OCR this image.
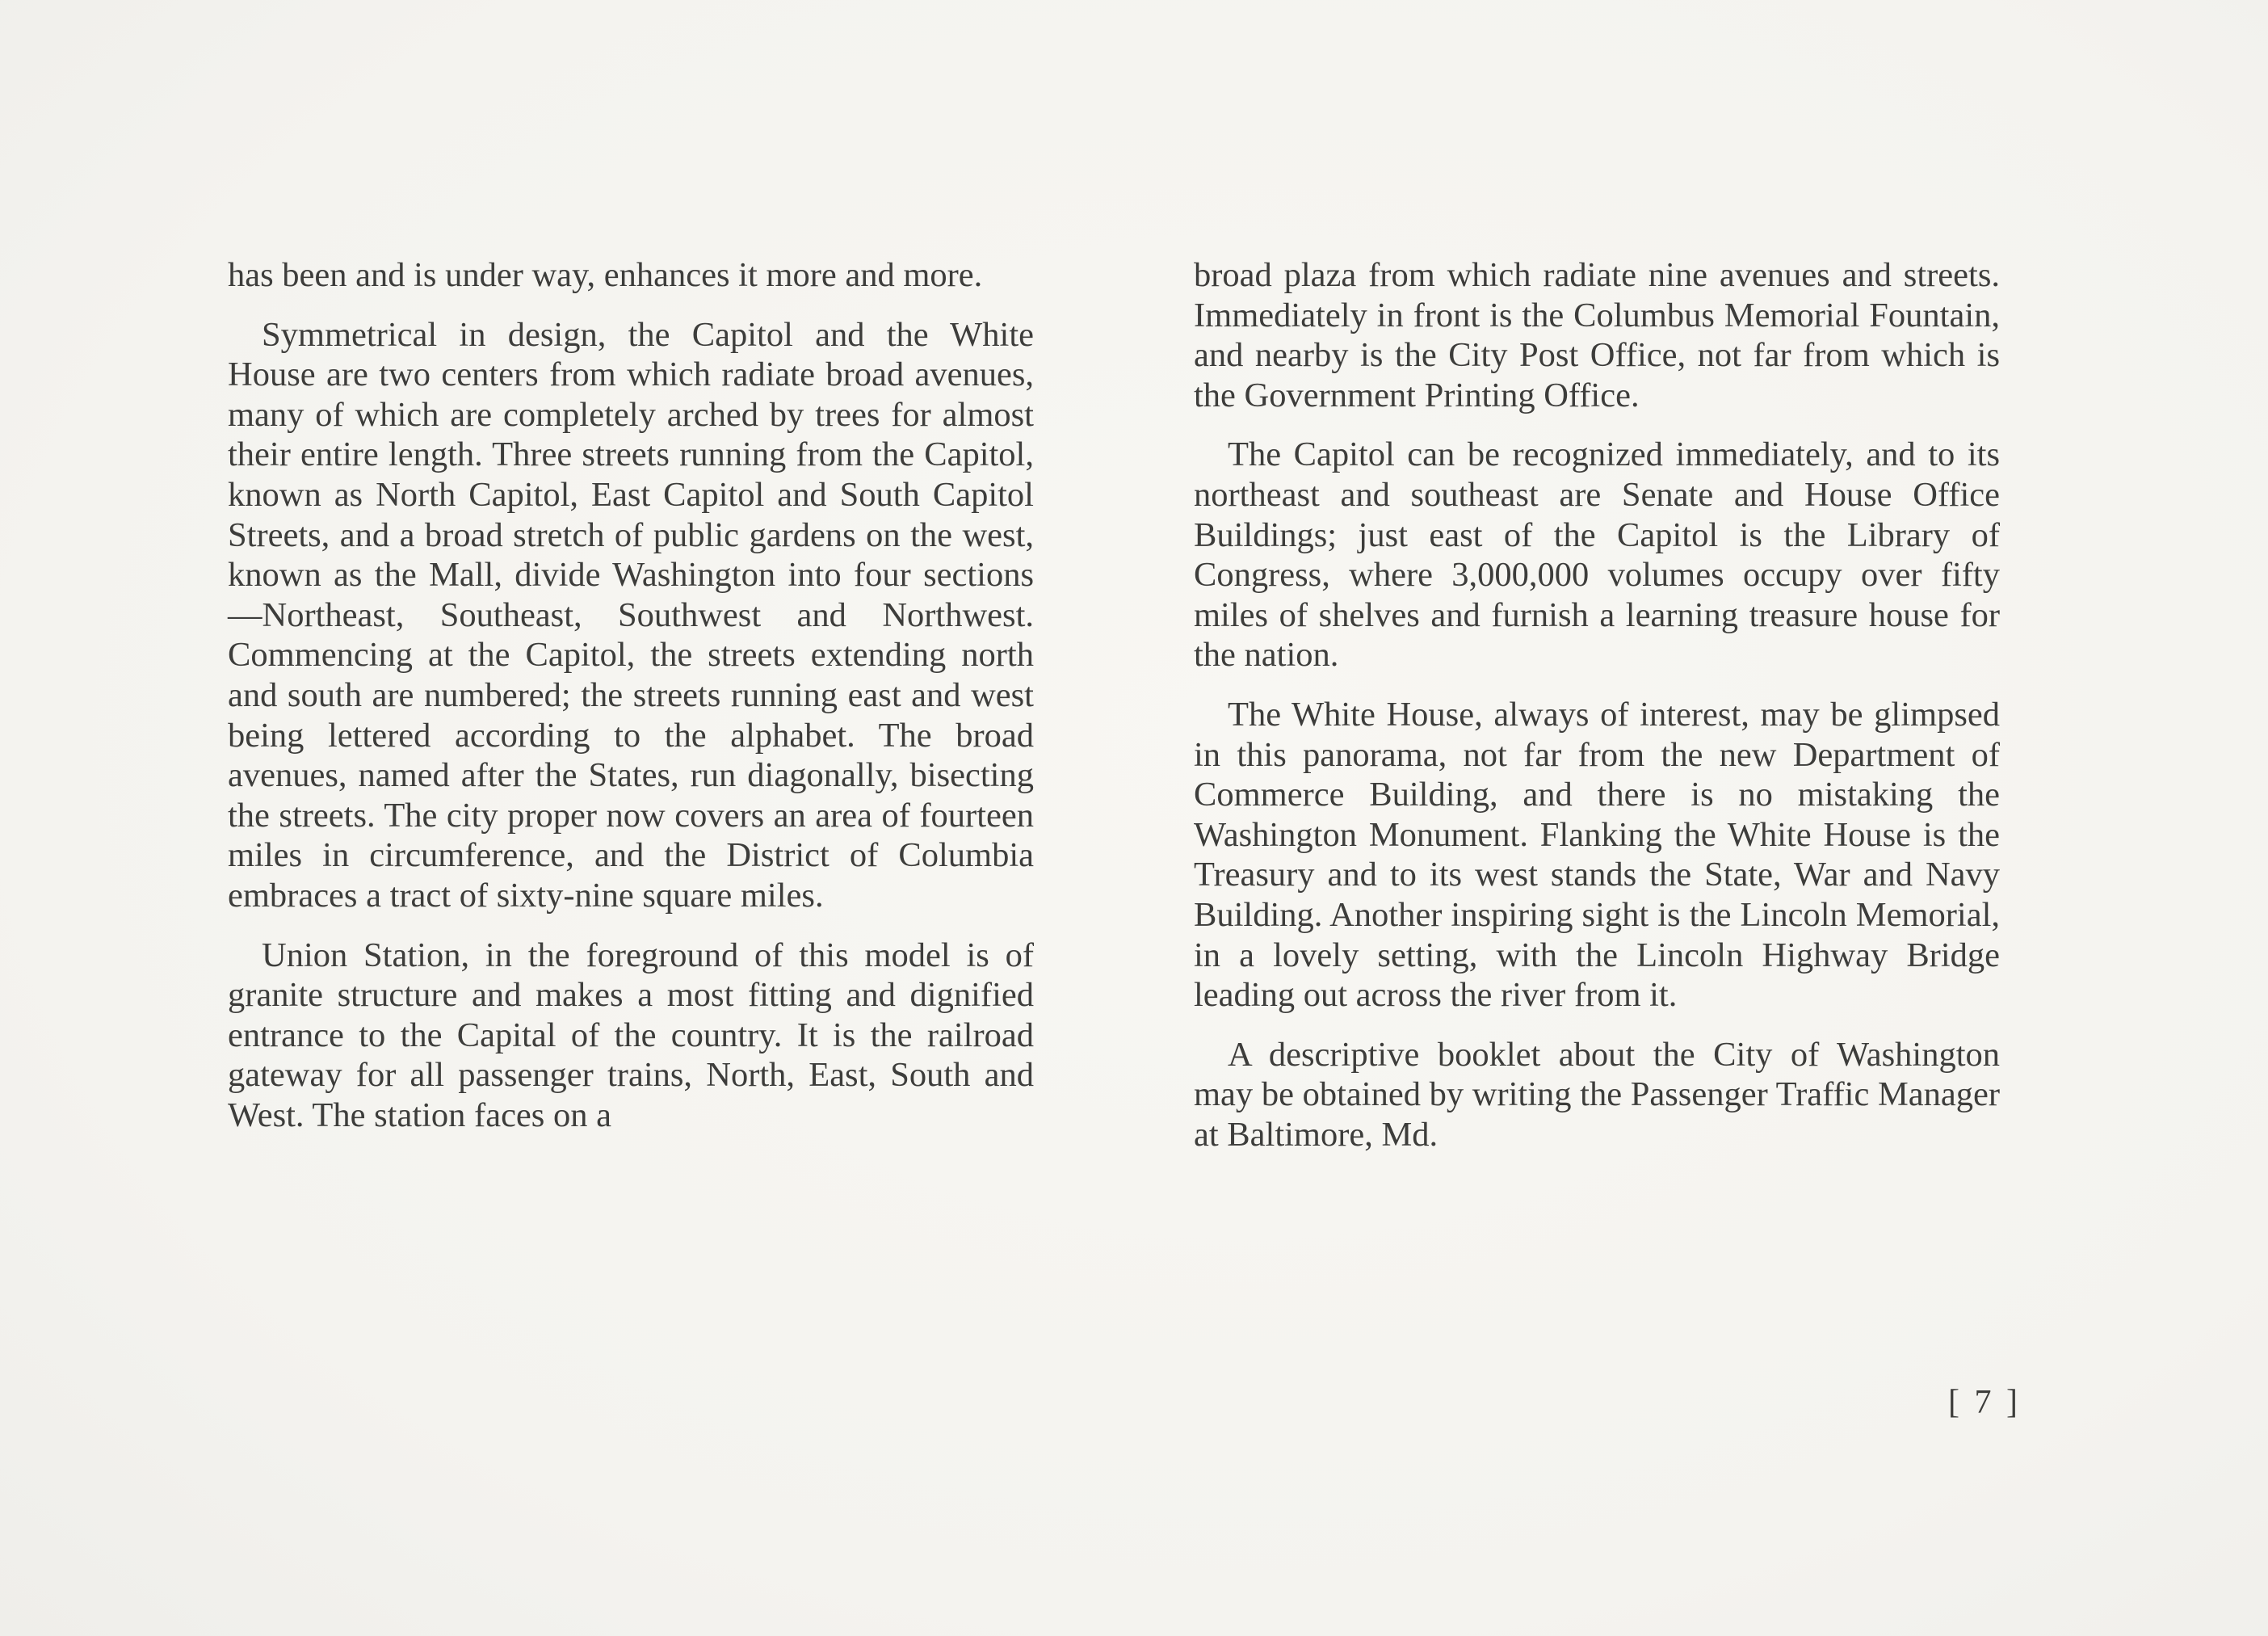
has been and is under way, enhances it more and more.

Symmetrical in design, the Capitol and the White House are two centers from which radiate broad avenues, many of which are completely arched by trees for almost their entire length. Three streets running from the Capitol, known as North Capitol, East Capitol and South Capitol Streets, and a broad stretch of public gardens on the west, known as the Mall, divide Washington into four sections—Northeast, Southeast, Southwest and Northwest. Commencing at the Capitol, the streets extending north and south are numbered; the streets running east and west being lettered according to the alphabet. The broad avenues, named after the States, run diagonally, bisecting the streets. The city proper now covers an area of fourteen miles in circumference, and the District of Columbia embraces a tract of sixty-nine square miles.

Union Station, in the foreground of this model is of granite structure and makes a most fitting and dignified entrance to the Capital of the country. It is the railroad gateway for all passenger trains, North, East, South and West. The station faces on a

broad plaza from which radiate nine avenues and streets. Immediately in front is the Columbus Memorial Fountain, and nearby is the City Post Office, not far from which is the Government Printing Office.

The Capitol can be recognized immediately, and to its northeast and southeast are Senate and House Office Buildings; just east of the Capitol is the Library of Congress, where 3,000,000 volumes occupy over fifty miles of shelves and furnish a learning treasure house for the nation.

The White House, always of interest, may be glimpsed in this panorama, not far from the new Department of Commerce Building, and there is no mistaking the Washington Monument. Flanking the White House is the Treasury and to its west stands the State, War and Navy Building. Another inspiring sight is the Lincoln Memorial, in a lovely setting, with the Lincoln Highway Bridge leading out across the river from it.

A descriptive booklet about the City of Washington may be obtained by writing the Passenger Traffic Manager at Baltimore, Md.

[ 7 ]
